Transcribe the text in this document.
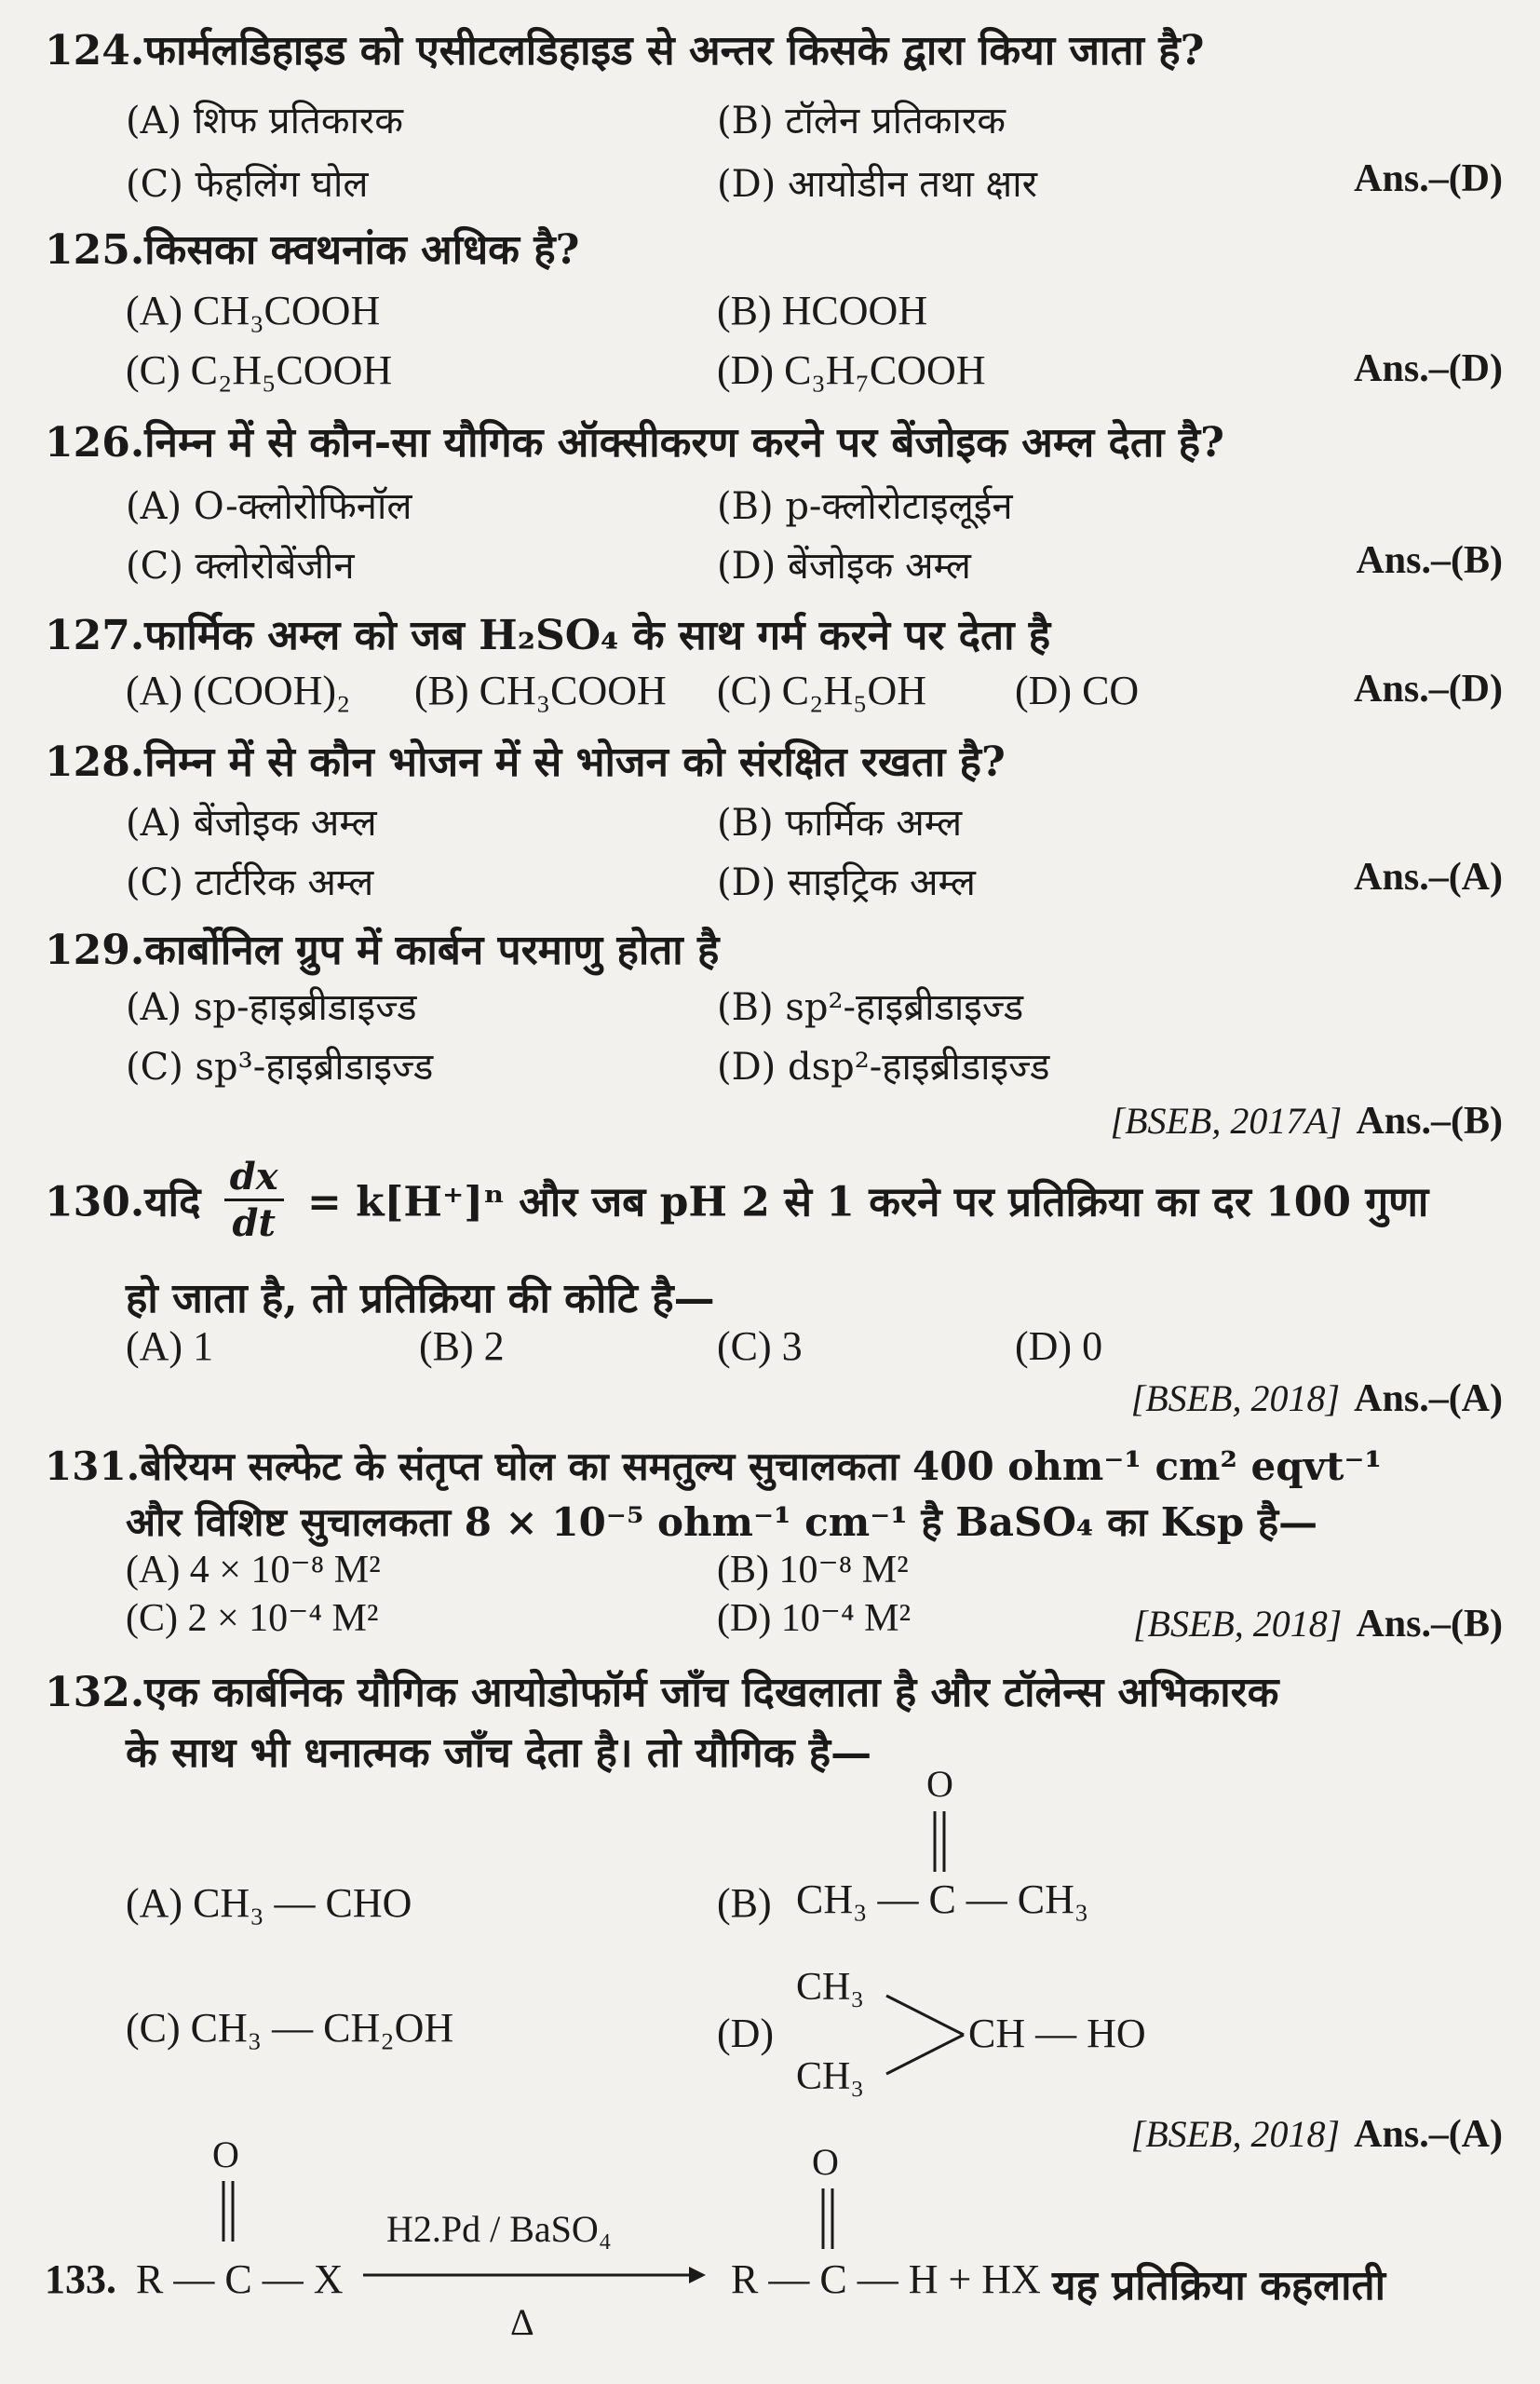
124.फार्मलडिहाइड को एसीटलडिहाइड से अन्तर किसके द्वारा किया जाता है?
(A) शिफ प्रतिकारक	(B) टॉलेन प्रतिकारक
(C) फेहलिंग घोल	(D) आयोडीन तथा क्षार	Ans.–(D)
125.किसका क्वथनांक अधिक है?
(A) CH₃COOH	(B) HCOOH
(C) C₂H₅COOH	(D) C₃H₇COOH	Ans.–(D)
126.निम्न में से कौन-सा यौगिक ऑक्सीकरण करने पर बेंजोइक अम्ल देता है?
(A) O-क्लोरोफिनॉल	(B) p-क्लोरोटाइलूईन
(C) क्लोरोबेंजीन	(D) बेंजोइक अम्ल	Ans.–(B)
127.फार्मिक अम्ल को जब H₂SO₄ के साथ गर्म करने पर देता है
(A) (COOH)₂ (B) CH₃COOH (C) C₂H₅OH (D) CO	Ans.–(D)
128.निम्न में से कौन भोजन में से भोजन को संरक्षित रखता है?
(A) बेंजोइक अम्ल	(B) फार्मिक अम्ल
(C) टार्टरिक अम्ल	(D) साइट्रिक अम्ल	Ans.–(A)
129.कार्बोनिल ग्रुप में कार्बन परमाणु होता है
(A) sp-हाइब्रीडाइज्ड	(B) sp²-हाइब्रीडाइज्ड
(C) sp³-हाइब्रीडाइज्ड	(D) dsp²-हाइब्रीडाइज्ड
[BSEB, 2017A] Ans.–(B)
130.यदि $\frac{dx}{dt} = k[H^+]^n$ और जब pH 2 से 1 करने पर प्रतिक्रिया का दर 100 गुणा
हो जाता है, तो प्रतिक्रिया की कोटि है—
(A) 1	(B) 2	(C) 3	(D) 0
[BSEB, 2018] Ans.–(A)
131.बेरियम सल्फेट के संतृप्त घोल का समतुल्य सुचालकता 400 ohm⁻¹ cm² eqvt⁻¹
और विशिष्ट सुचालकता 8 × 10⁻⁵ ohm⁻¹ cm⁻¹ है BaSO₄ का Ksp है—
(A) 4 × 10⁻⁸ M²	(B) 10⁻⁸ M²
(C) 2 × 10⁻⁴ M²	(D) 10⁻⁴ M²	[BSEB, 2018] Ans.–(B)
132.एक कार्बनिक यौगिक आयोडोफॉर्म जाँच दिखलाता है और टॉलेन्स अभिकारक
के साथ भी धनात्मक जाँच देता है। तो यौगिक है—
(A) CH₃ — CHO	(B)
O
CH₃ — C — CH₃
(C) CH₃ — CH₂OH	(D)
CH₃
CH₃
CH — HO
[BSEB, 2018] Ans.–(A)
O
133. R — C — X
H2.Pd / BaSO₄
Δ
O
R — C — H + HX यह प्रतिक्रिया कहलाती
